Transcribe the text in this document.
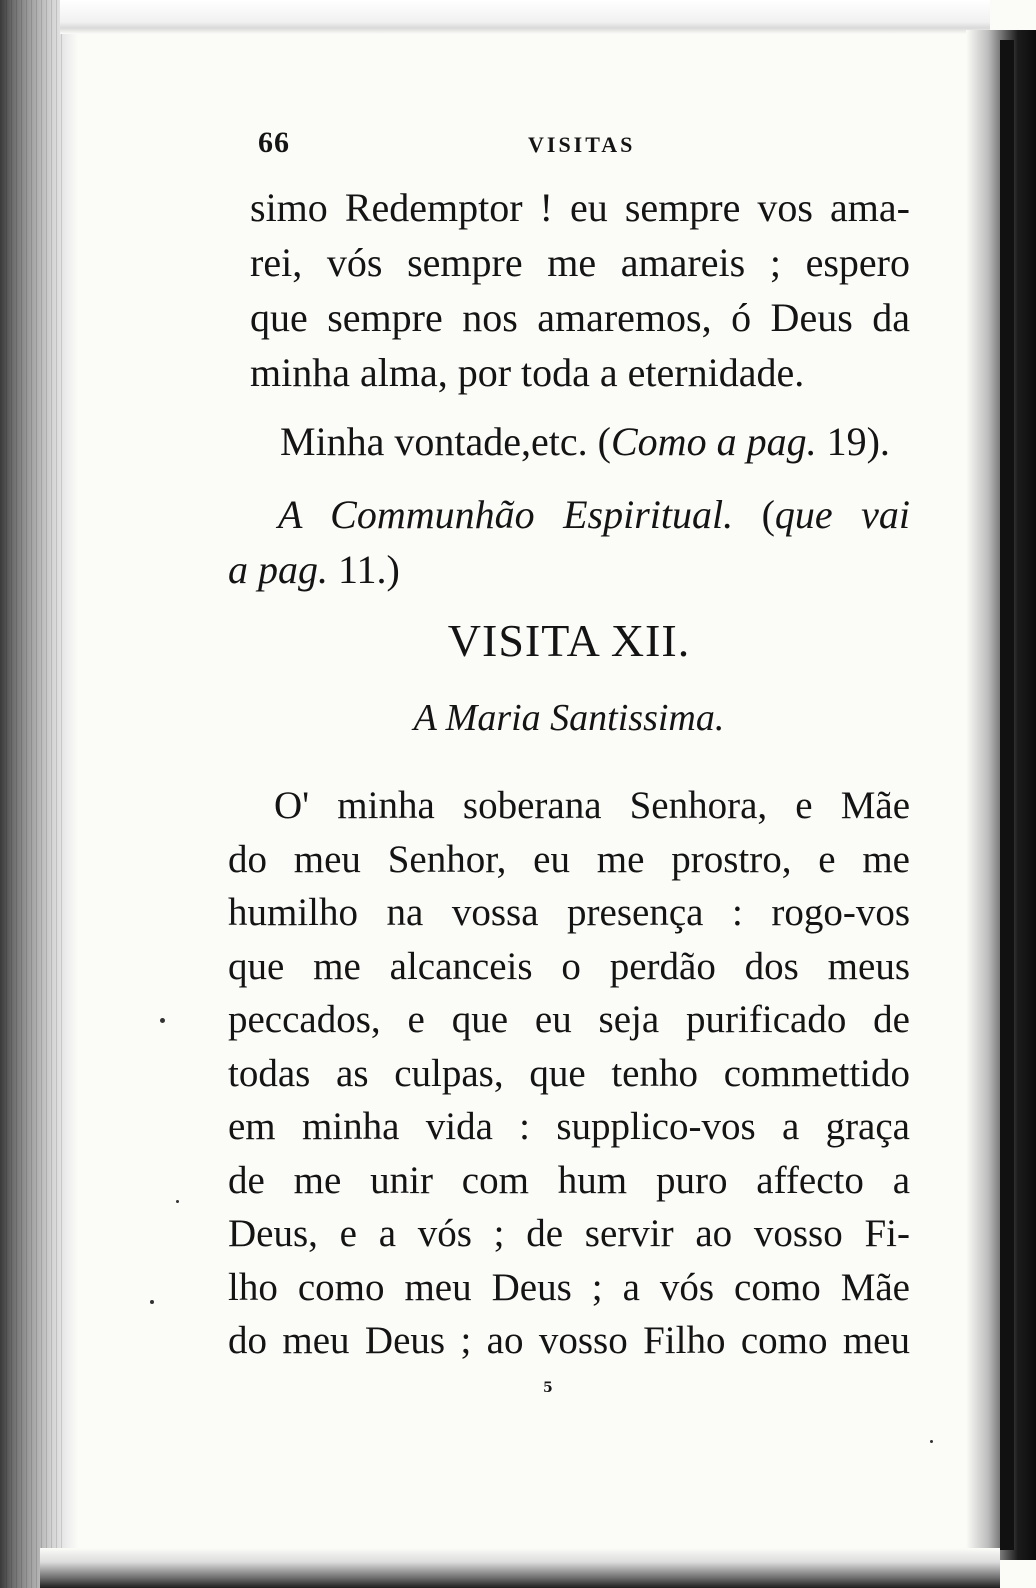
66	VISITAS
simo Redemptor ! eu sempre vos ama-
rei, vós sempre me amareis ; espero
que sempre nos amaremos, ó Deus da
minha alma, por toda a eternidade.
Minha vontade,etc. (Como a pag. 19).
A Communhão Espiritual. (que vai
a pag. 11.)
VISITA XII.
A Maria Santissima.
O' minha soberana Senhora, e Mãe
do meu Senhor, eu me prostro, e me
humilho na vossa presença : rogo-vos
que me alcanceis o perdão dos meus
peccados, e que eu seja purificado de
todas as culpas, que tenho commettido
em minha vida : supplico-vos a graça
de me unir com hum puro affecto a
Deus, e a vós ; de servir ao vosso Fi-
lho como meu Deus ; a vós como Mãe
do meu Deus ; ao vosso Filho como meu
5
